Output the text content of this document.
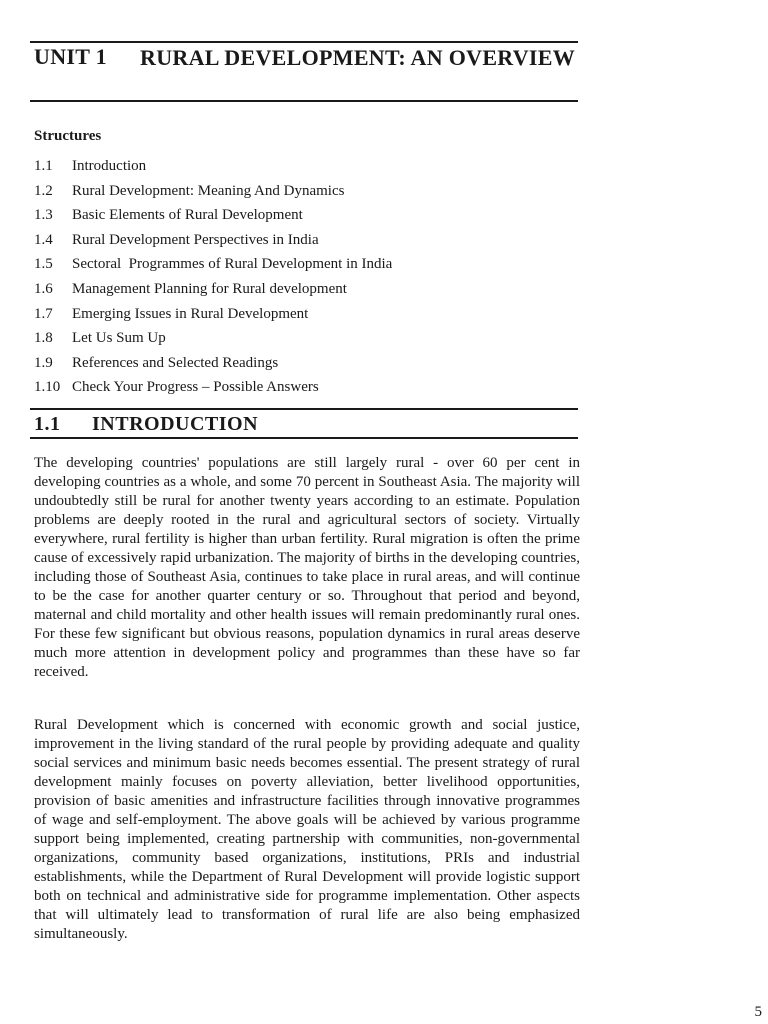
UNIT 1 RURAL DEVELOPMENT: AN OVERVIEW
Structures
1.1	Introduction
1.2	Rural Development: Meaning And Dynamics
1.3	Basic Elements of Rural Development
1.4	Rural Development Perspectives in India
1.5	Sectoral  Programmes of Rural Development in India
1.6	Management Planning for Rural development
1.7	Emerging Issues in Rural Development
1.8	Let Us Sum Up
1.9	References and Selected Readings
1.10 Check Your Progress – Possible Answers
1.1 INTRODUCTION

The developing countries' populations are still largely rural - over 60 per cent in developing countries as a whole, and some 70 percent in Southeast Asia. The majority will undoubtedly still be rural for another twenty years according to an estimate. Population problems are deeply rooted in the rural and agricultural sectors of society. Virtually everywhere, rural fertility is higher than urban fertility. Rural migration is often the prime cause of excessively rapid urbanization. The majority of births in the developing countries, including those of Southeast Asia, continues to take place in rural areas, and will continue to be the case for another quarter century or so. Throughout that period and beyond, maternal and child mortality and other health issues will remain predominantly rural ones. For these few significant but obvious reasons, population dynamics in rural areas deserve much more attention in development policy and programmes than these have so far received.

Rural Development which is concerned with economic growth and social justice, improvement in the living standard of the rural people by providing adequate and quality social services and minimum basic needs becomes essential. The present strategy of rural development mainly focuses on poverty alleviation, better livelihood opportunities, provision of basic amenities and infrastructure facilities through innovative programmes of wage and self-employment. The above goals will be achieved by various programme support being implemented, creating partnership with communities, non-governmental organizations, community based organizations, institutions, PRIs and industrial establishments, while the Department of Rural Development will provide logistic support both on technical and administrative side for programme implementation. Other aspects that will ultimately lead to transformation of rural life are also being emphasized simultaneously.

5
